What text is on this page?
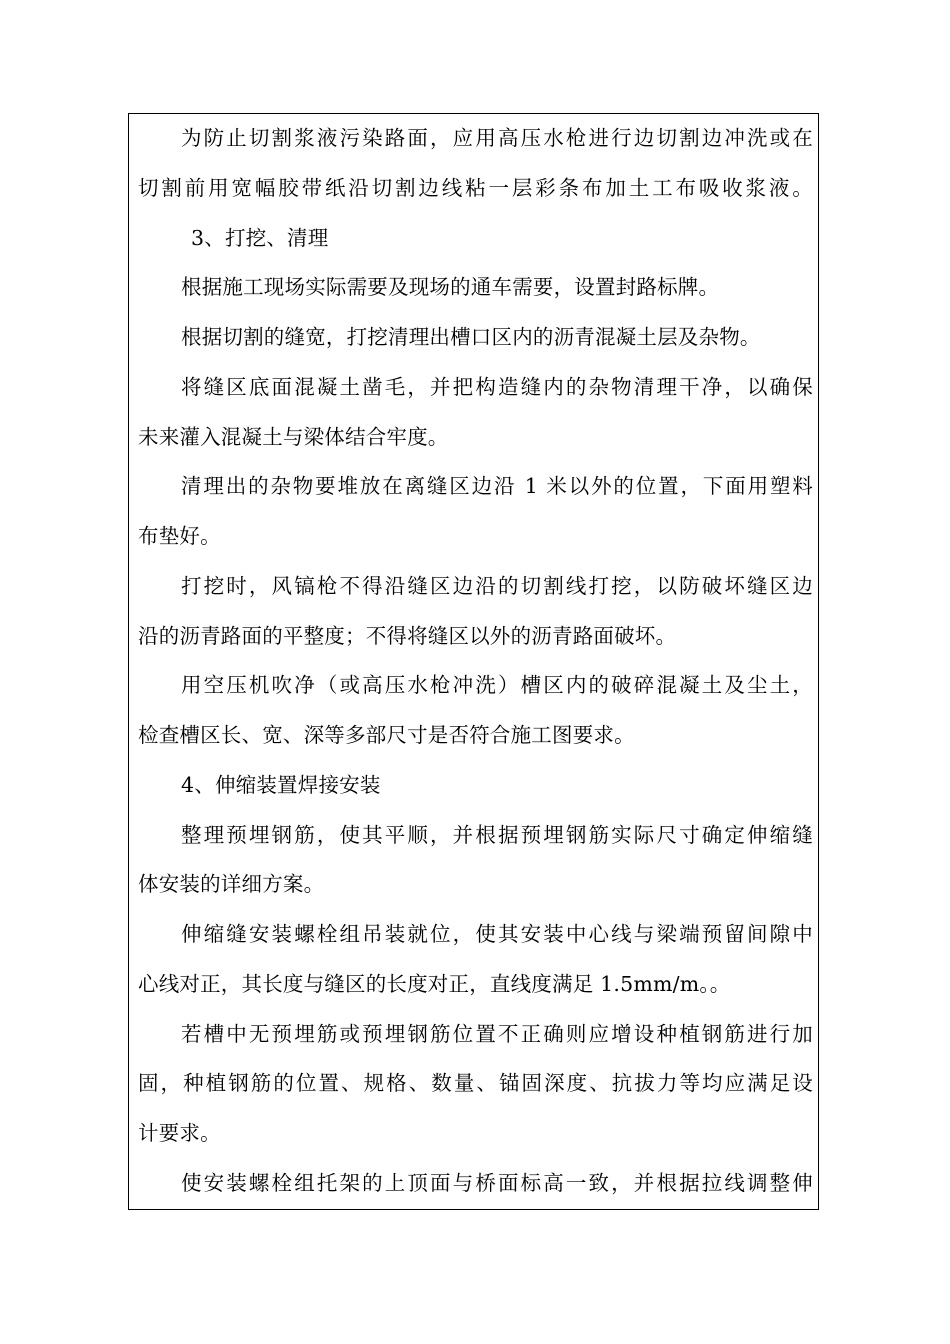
为防止切割浆液污染路面，应用高压水枪进行边切割边冲洗或在
切割前用宽幅胶带纸沿切割边线粘一层彩条布加土工布吸收浆液。
3、打挖、清理
根据施工现场实际需要及现场的通车需要，设置封路标牌。
根据切割的缝宽，打挖清理出槽口区内的沥青混凝土层及杂物。
将缝区底面混凝土凿毛，并把构造缝内的杂物清理干净，以确保
未来灌入混凝土与梁体结合牢度。
清理出的杂物要堆放在离缝区边沿 1 米以外的位置，下面用塑料
布垫好。
打挖时，风镐枪不得沿缝区边沿的切割线打挖，以防破坏缝区边
沿的沥青路面的平整度；不得将缝区以外的沥青路面破坏。
用空压机吹净（或高压水枪冲洗）槽区内的破碎混凝土及尘土，
检查槽区长、宽、深等多部尺寸是否符合施工图要求。
4、伸缩装置焊接安装
整理预埋钢筋，使其平顺，并根据预埋钢筋实际尺寸确定伸缩缝
体安装的详细方案。
伸缩缝安装螺栓组吊装就位，使其安装中心线与梁端预留间隙中
心线对正，其长度与缝区的长度对正，直线度满足 1.5mm/m。。
若槽中无预埋筋或预埋钢筋位置不正确则应增设种植钢筋进行加
固，种植钢筋的位置、规格、数量、锚固深度、抗拔力等均应满足设
计要求。
使安装螺栓组托架的上顶面与桥面标高一致，并根据拉线调整伸
